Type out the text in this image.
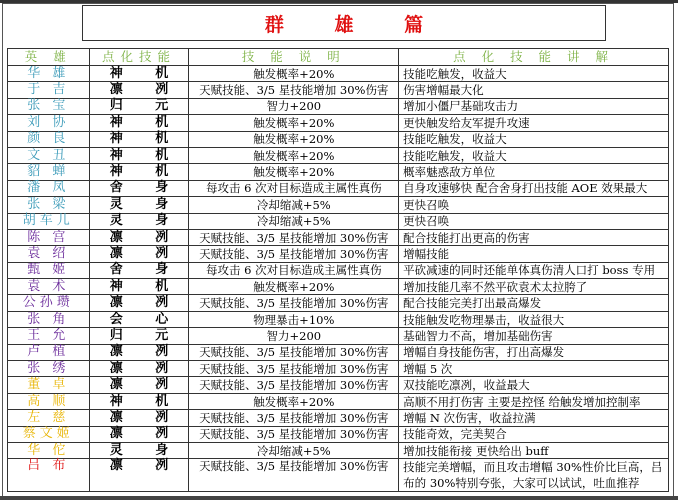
群 雄 篇
英 雄	点化技能	技 能 说 明	点 化 技 能 讲 解
华 雄	神 机	触发概率+20%	技能吃触发，收益大
于 吉	凛 冽	天赋技能、3/5 星技能增加 30%伤害	伤害增幅最大化
张 宝	归 元	智力+200	增加小僵尸基础攻击力
刘 协	神 机	触发概率+20%	更快触发给友军提升攻速
颜 良	神 机	触发概率+20%	技能吃触发，收益大
文 丑	神 机	触发概率+20%	技能吃触发，收益大
貂 蝉	神 机	触发概率+20%	概率魅惑敌方单位
潘 凤	舍 身	每攻击 6 次对目标造成主属性真伤	自身攻速够快 配合舍身打出技能 AOE 效果最大
张 梁	灵 身	冷却缩减+5%	更快召唤
胡车儿	灵 身	冷却缩减+5%	更快召唤
陈 宫	凛 冽	天赋技能、3/5 星技能增加 30%伤害	配合技能打出更高的伤害
袁 绍	凛 冽	天赋技能、3/5 星技能增加 30%伤害	增幅技能
甄 姬	舍 身	每攻击 6 次对目标造成主属性真伤	平砍减速的同时还能单体真伤清人口打 boss 专用
袁 术	神 机	触发概率+20%	增加技能几率不然平砍袁术太拉胯了
公孙瓒	凛 冽	天赋技能、3/5 星技能增加 30%伤害	配合技能完美打出最高爆发
张 角	会 心	物理暴击+10%	技能触发吃物理暴击，收益很大
王 允	归 元	智力+200	基础智力不高，增加基础伤害
卢 植	凛 冽	天赋技能、3/5 星技能增加 30%伤害	增幅自身技能伤害，打出高爆发
张 绣	凛 冽	天赋技能、3/5 星技能增加 30%伤害	增幅 5 次
董 卓	凛 冽	天赋技能、3/5 星技能增加 30%伤害	双技能吃凛冽，收益最大
高 顺	神 机	触发概率+20%	高顺不用打伤害 主要是控怪 给触发增加控制率
左 慈	凛 冽	天赋技能、3/5 星技能增加 30%伤害	增幅 N 次伤害，收益拉满
蔡文姬	凛 冽	天赋技能、3/5 星技能增加 30%伤害	技能奇效，完美契合
华 佗	灵 身	冷却缩减+5%	增加技能衔接 更快给出 buff
吕 布	凛 冽	天赋技能、3/5 星技能增加 30%伤害	技能完美增幅，而且攻击增幅 30%性价比巨高，吕布的 30%特别夸张，大家可以试试，吐血推荐
